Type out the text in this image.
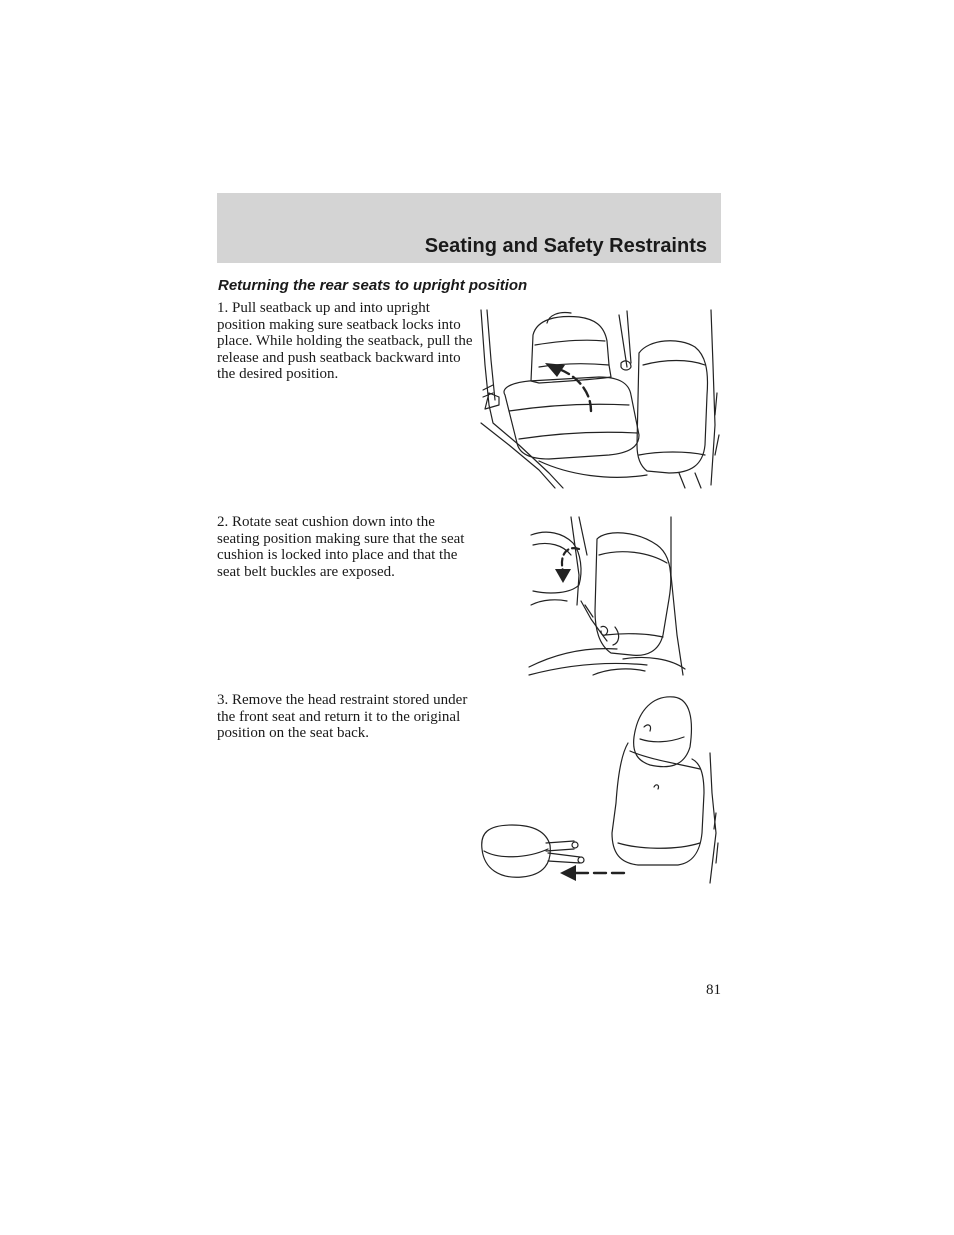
Seating and Safety Restraints
Returning the rear seats to upright position
1. Pull seatback up and into upright position making sure seatback locks into place. While holding the seatback, pull the release and push seatback backward into the desired position.
2. Rotate seat cushion down into the seating position making sure that the seat cushion is locked into place and that the seat belt buckles are exposed.
3. Remove the head restraint stored under the front seat and return it to the original position on the seat back.
81
